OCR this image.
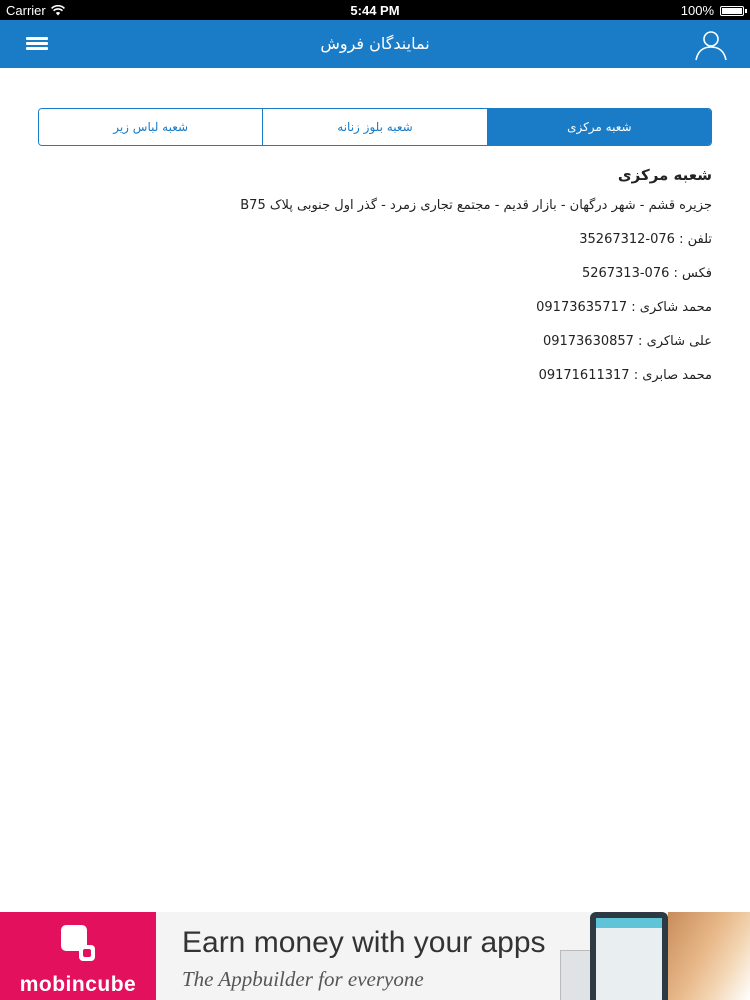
Carrier	5:44 PM	100%
نمایندگان فروش
شعبه لباس زیر	شعبه بلوز زنانه	شعبه مرکزی
شعبه مرکزی
جزیره قشم - شهر درگهان - بازار قدیم - مجتمع تجاری زمرد - گذر اول جنوبی پلاک B75
تلفن : 076-35267312
فکس : 076-5267313
محمد شاکری : 09173635717
علی شاکری : 09173630857
محمد صابری : 09171611317
mobincube
Earn money with your apps
The Appbuilder for everyone
